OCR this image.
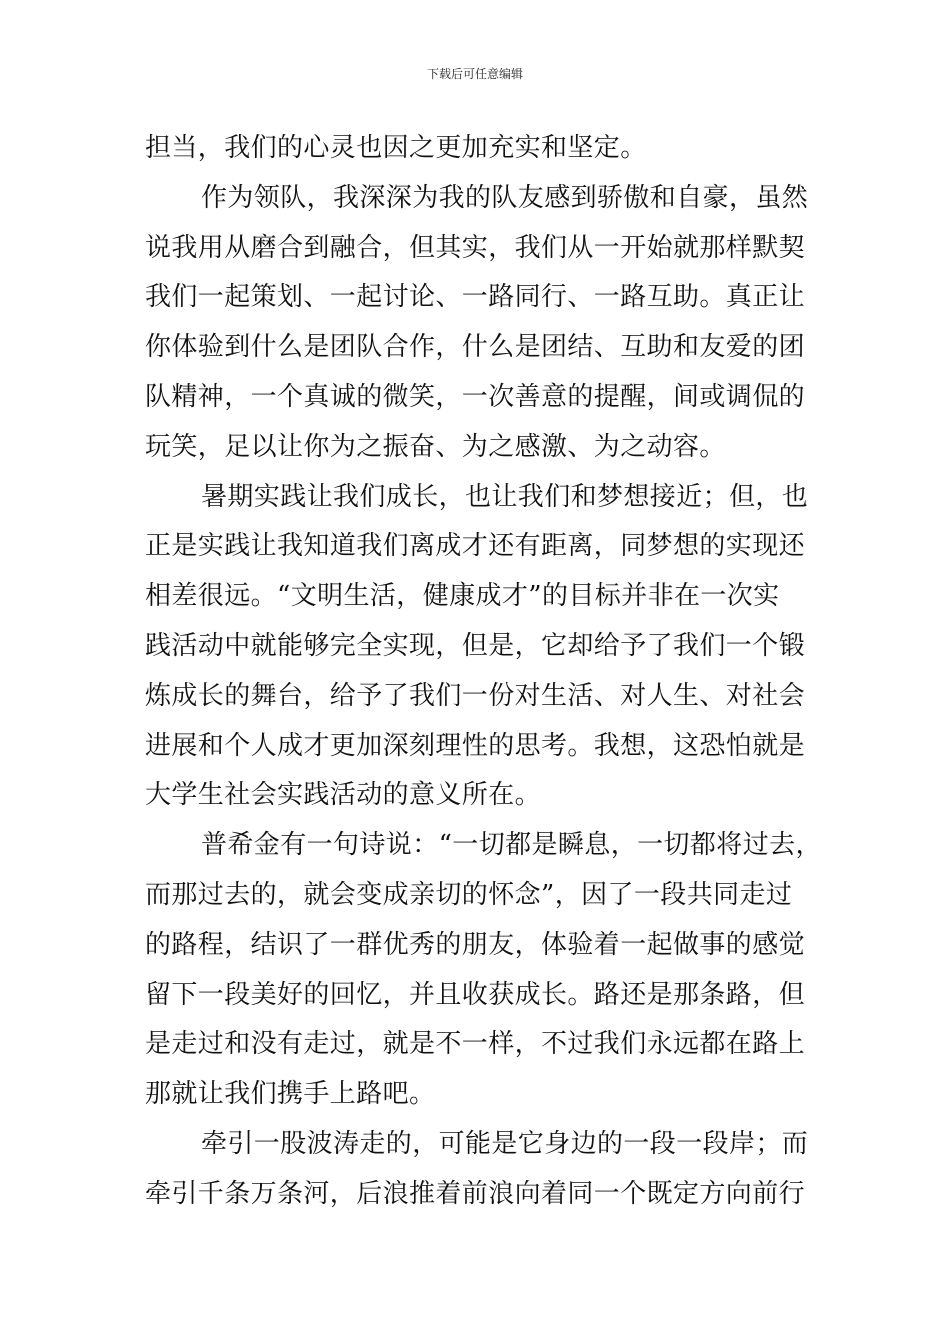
下载后可任意编辑
担当，我们的心灵也因之更加充实和坚定。
作为领队，我深深为我的队友感到骄傲和自豪，虽然
说我用从磨合到融合，但其实，我们从一开始就那样默契
我们一起策划、一起讨论、一路同行、一路互助。真正让
你体验到什么是团队合作，什么是团结、互助和友爱的团
队精神，一个真诚的微笑，一次善意的提醒，间或调侃的
玩笑，足以让你为之振奋、为之感激、为之动容。
暑期实践让我们成长，也让我们和梦想接近；但，也
正是实践让我知道我们离成才还有距离，同梦想的实现还
相差很远。“文明生活，健康成才”的目标并非在一次实
践活动中就能够完全实现，但是，它却给予了我们一个锻
炼成长的舞台，给予了我们一份对生活、对人生、对社会
进展和个人成才更加深刻理性的思考。我想，这恐怕就是
大学生社会实践活动的意义所在。
普希金有一句诗说：“一切都是瞬息，一切都将过去，
而那过去的，就会变成亲切的怀念”，因了一段共同走过
的路程，结识了一群优秀的朋友，体验着一起做事的感觉
留下一段美好的回忆，并且收获成长。路还是那条路，但
是走过和没有走过，就是不一样，不过我们永远都在路上
那就让我们携手上路吧。
牵引一股波涛走的，可能是它身边的一段一段岸；而
牵引千条万条河，后浪推着前浪向着同一个既定方向前行
